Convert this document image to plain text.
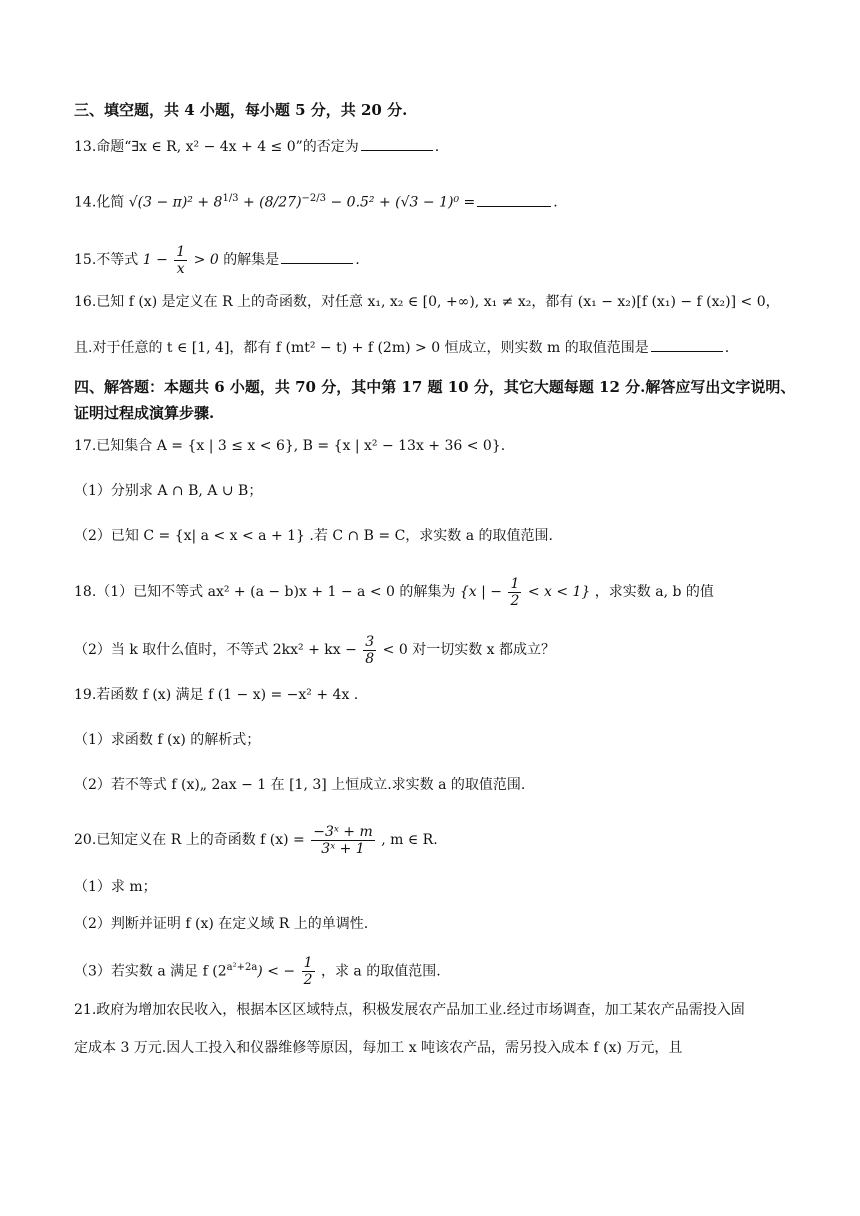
三、填空题，共 4 小题，每小题 5 分，共 20 分.
13.命题“∃x ∈ R, x² − 4x + 4 ≤ 0”的否定为	.
14.化简 $√(3 - \pi)^2 + 8^{1/3} + (8/27)^{-2/3} - 0.5^2 + (√3 - 1)^0$ =	.
15.不等式 $1 - \frac{1}{x} > 0$ 的解集是	.
16.已知 f (x) 是定义在 R 上的奇函数，对任意 x₁, x₂ ∈ [0, +∞), x₁ ≠ x₂，都有 (x₁ − x₂)[f (x₁) − f (x₂)] < 0，
且.对于任意的 t ∈ [1, 4]，都有 f (mt² − t) + f (2m) > 0 恒成立，则实数 m 的取值范围是	.
四、解答题：本题共 6 小题，共 70 分，其中第 17 题 10 分，其它大题每题 12 分.解答应写出文字说明、证明过程成演算步骤.
17.已知集合 A = {x | 3 ≤ x < 6}, B = {x | x² − 13x + 36 < 0}.
（1）分别求 A ∩ B, A ∪ B；
（2）已知 C = {x| a < x < a + 1} .若 C ∩ B = C，求实数 a 的取值范围.
18.（1）已知不等式 ax² + (a − b)x + 1 − a < 0 的解集为 {x | − $\frac{1}{2} < x < 1$} ，求实数 a, b 的值
（2）当 k 取什么值时，不等式 2kx² + kx − $\frac{3}{8} < 0$ 对一切实数 x 都成立？
19.若函数 f (x) 满足 f (1 − x) = −x² + 4x .
（1）求函数 f (x) 的解析式；
（2）若不等式 f (x)„ 2ax − 1 在 [1, 3] 上恒成立.求实数 a 的取值范围.
20.已知定义在 R 上的奇函数 f $(x) = \frac{\text{−3ˣ + m}}{\text{3ˣ + 1}}$ , m ∈ R.
（1）求 m；
（2）判断并证明 f (x) 在定义域 R 上的单调性.
（3）若实数 a 满足 f $(2^{a^2+2a})$ < − $\frac{1}{2}$ ，求 a 的取值范围.
21.政府为增加农民收入，根据本区区域特点，积极发展农产品加工业.经过市场调查，加工某农产品需投入固
定成本 3 万元.因人工投入和仪器维修等原因，每加工 x 吨该农产品，需另投入成本 f (x) 万元，且
